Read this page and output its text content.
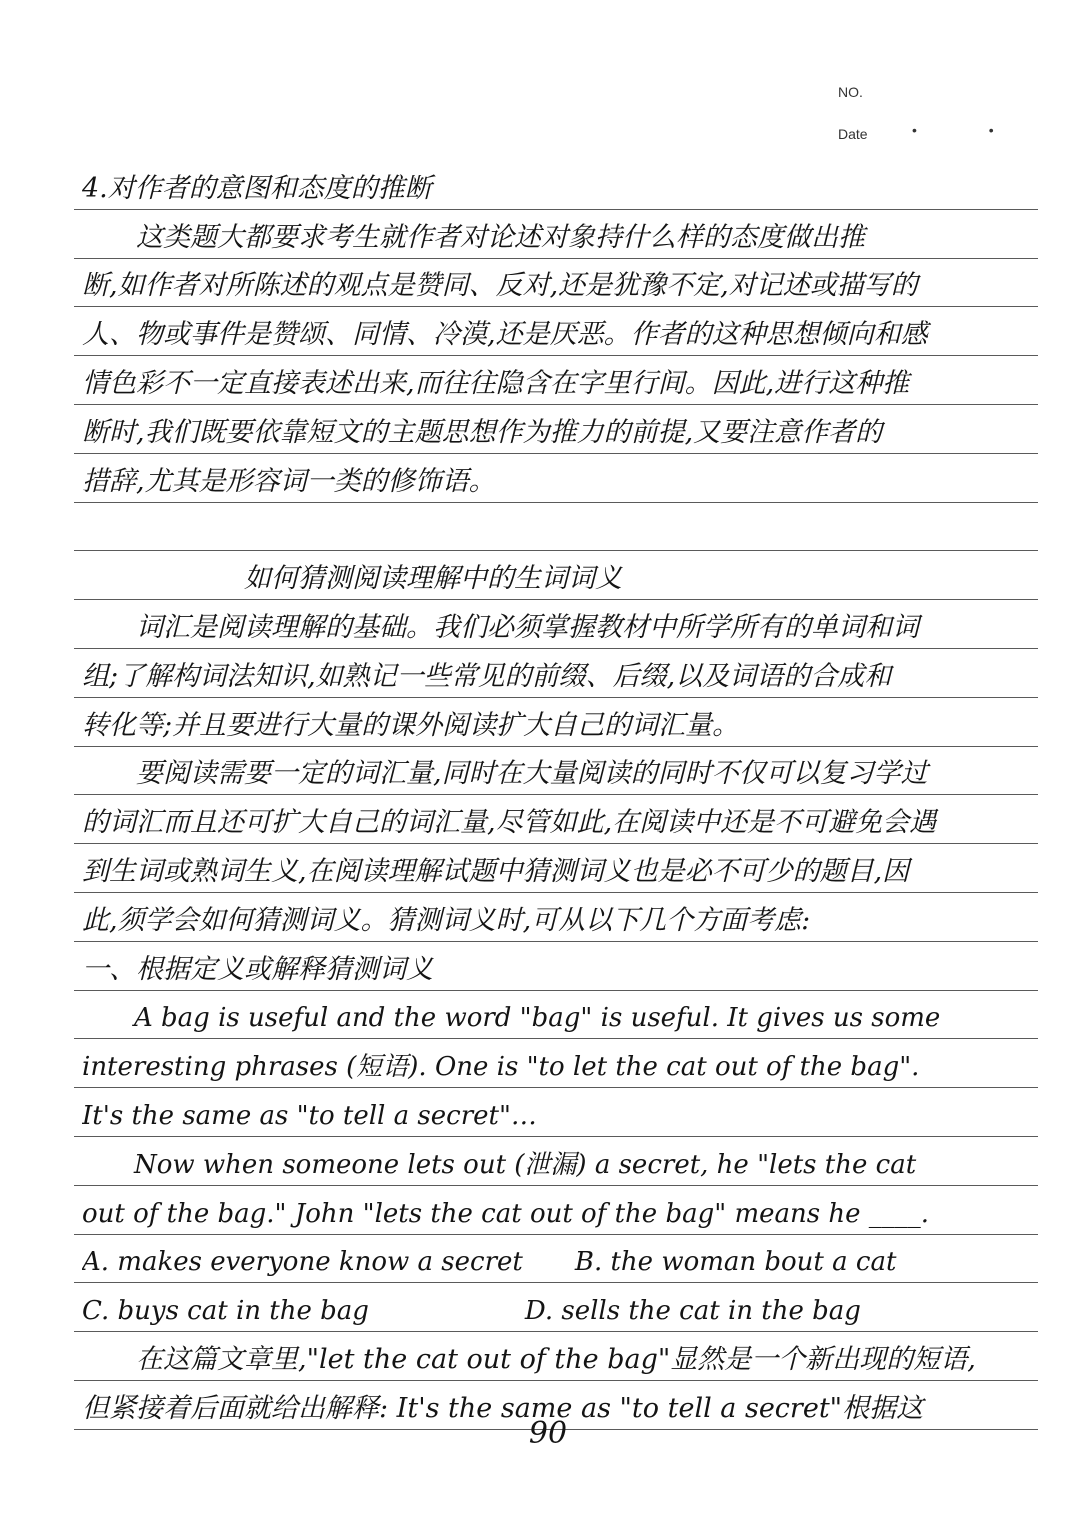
NO.
Date	• •
4.对作者的意图和态度的推断
　　这类题大都要求考生就作者对论述对象持什么样的态度做出推
断,如作者对所陈述的观点是赞同、反对,还是犹豫不定,对记述或描写的
人、物或事件是赞颂、同情、冷漠,还是厌恶。作者的这种思想倾向和感
情色彩不一定直接表述出来,而往往隐含在字里行间。因此,进行这种推
断时,我们既要依靠短文的主题思想作为推力的前提,又要注意作者的
措辞,尤其是形容词一类的修饰语。
　　　　　　如何猜测阅读理解中的生词词义
　　词汇是阅读理解的基础。我们必须掌握教材中所学所有的单词和词
组;了解构词法知识,如熟记一些常见的前缀、后缀,以及词语的合成和
转化等;并且要进行大量的课外阅读扩大自己的词汇量。
　　要阅读需要一定的词汇量,同时在大量阅读的同时不仅可以复习学过
的词汇而且还可扩大自己的词汇量,尽管如此,在阅读中还是不可避免会遇
到生词或熟词生义,在阅读理解试题中猜测词义也是必不可少的题目,因
此,须学会如何猜测词义。猜测词义时,可从以下几个方面考虑:
一、根据定义或解释猜测词义
　　A bag is useful and the word "bag" is useful. It gives us some
interesting phrases (短语). One is "to let the cat out of the bag".
It's the same as "to tell a secret"…
　　Now when someone lets out (泄漏) a secret, he "lets the cat
out of the bag." John "lets the cat out of the bag" means he ____.
A. makes everyone know a secret　　B. the woman bout a cat
C. buys cat in the bag　　　　　　D. sells the cat in the bag
　　在这篇文章里,"let the cat out of the bag"显然是一个新出现的短语,
但紧接着后面就给出解释: It's the same as "to tell a secret"根据这
90
